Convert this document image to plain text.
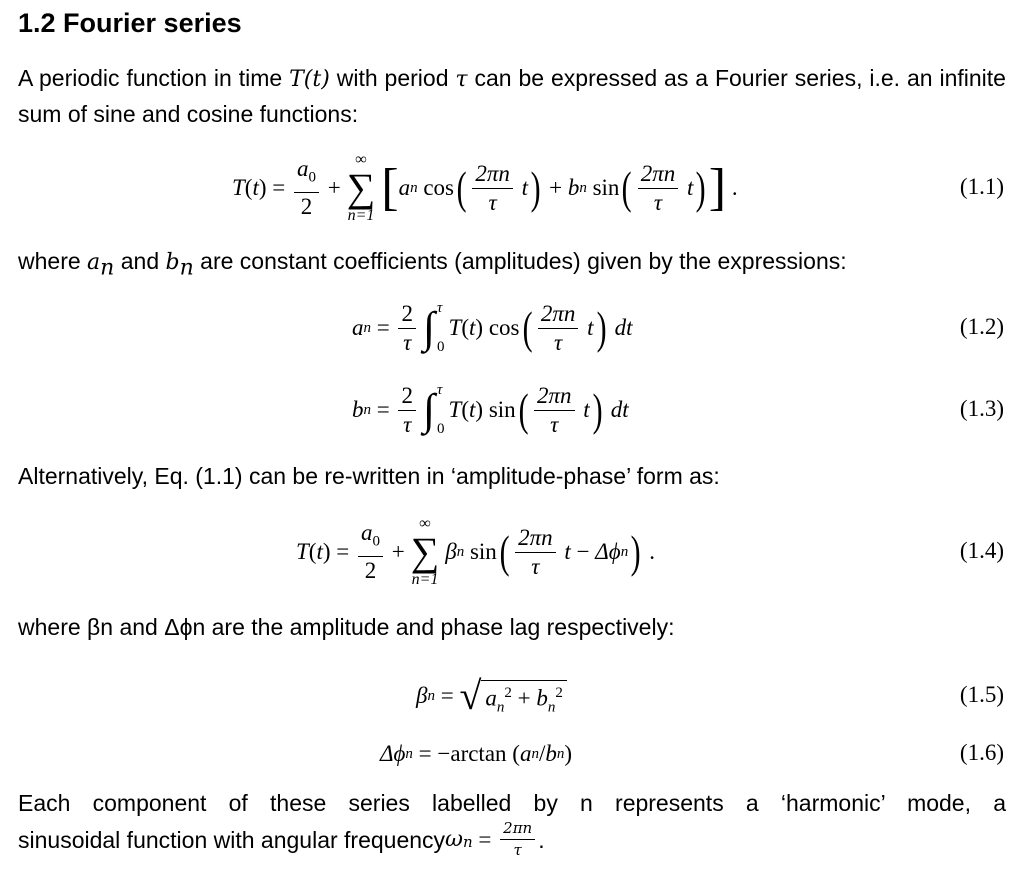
1.2 Fourier series
A periodic function in time T(t) with period τ can be expressed as a Fourier series, i.e. an infinite sum of sine and cosine functions:
T ( t ) = $\frac{a_0}{2}$ +
∞
∑
n=1 [ a n
cos ( $\frac{2\pi n}{\tau}$
t ) + b n
sin ( $\frac{2\pi n}{\tau}$
t ) ] .	(1.1)
where $a_n$ and $b_n$ are constant coefficients (amplitudes) given by the expressions:
a $n = \frac{2}{\tau}$ ∫ τ
0
T ( t ) cos ( $\frac{2\pi n}{\tau}$
t )
dt	(1.2)
b $n = \frac{2}{\tau}$ ∫ τ
0
T ( t ) sin ( $\frac{2\pi n}{\tau}$
t )
dt	(1.3)
Alternatively, Eq. (1.1) can be re-written in ‘amplitude-phase’ form as:
T ( t ) = $\frac{a_0}{2}$ +
∞
∑
n=1
β n
sin ( $\frac{2\pi n}{\tau}$
t − Δϕ n ) .	(1.4)
where βn and Δϕn are the amplitude and phase lag respectively:
β n = √ $a_n^2 + b_n^2$	(1.5)
Δϕ n = − arctan ( a n / b n )	(1.6)
Each component of these series labelled by n represents a ‘harmonic’ mode, a
sinusoidal function with angular frequency ω $n = \frac{2\pi n}{\tau}$ .
